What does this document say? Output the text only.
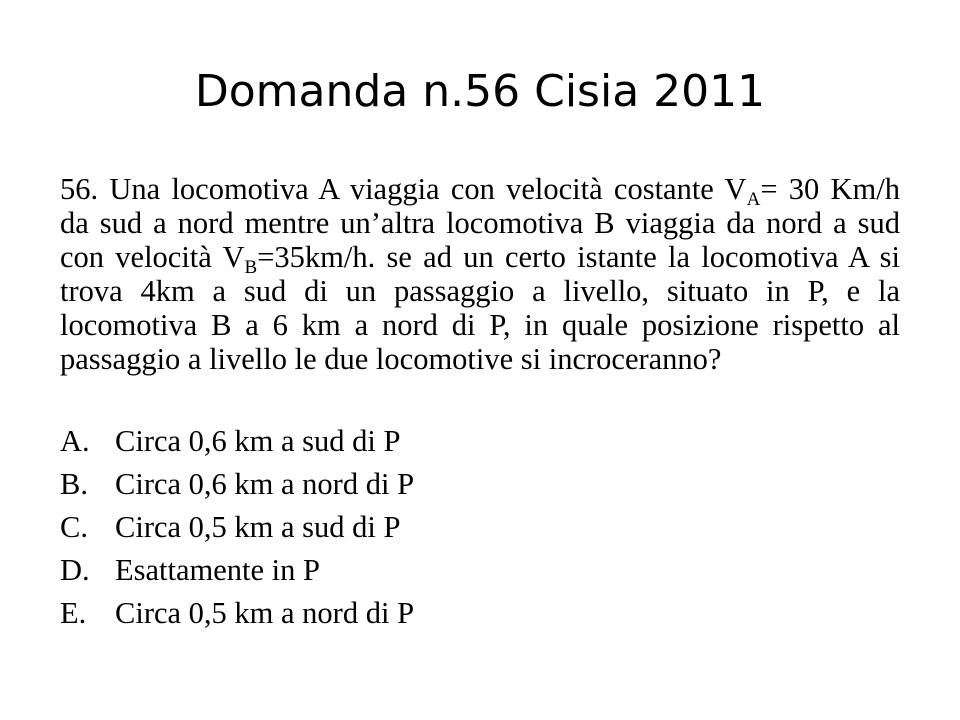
Domanda n.56 Cisia 2011
56. Una locomotiva A viaggia con velocità costante $V_A= 30$ Km/h da sud a nord mentre un’altra locomotiva B viaggia da nord a sud con velocità $V_B=35km/h$. se ad un certo istante la locomotiva A si trova 4km a sud di un passaggio a livello, situato in P, e la locomotiva B a 6 km a nord di P, in quale posizione rispetto al passaggio a livello le due locomotive si incroceranno?
A. Circa 0,6 km a sud di P
B. Circa 0,6 km a nord di P
C. Circa 0,5 km a sud di P
D. Esattamente in P
E. Circa 0,5 km a nord di P
